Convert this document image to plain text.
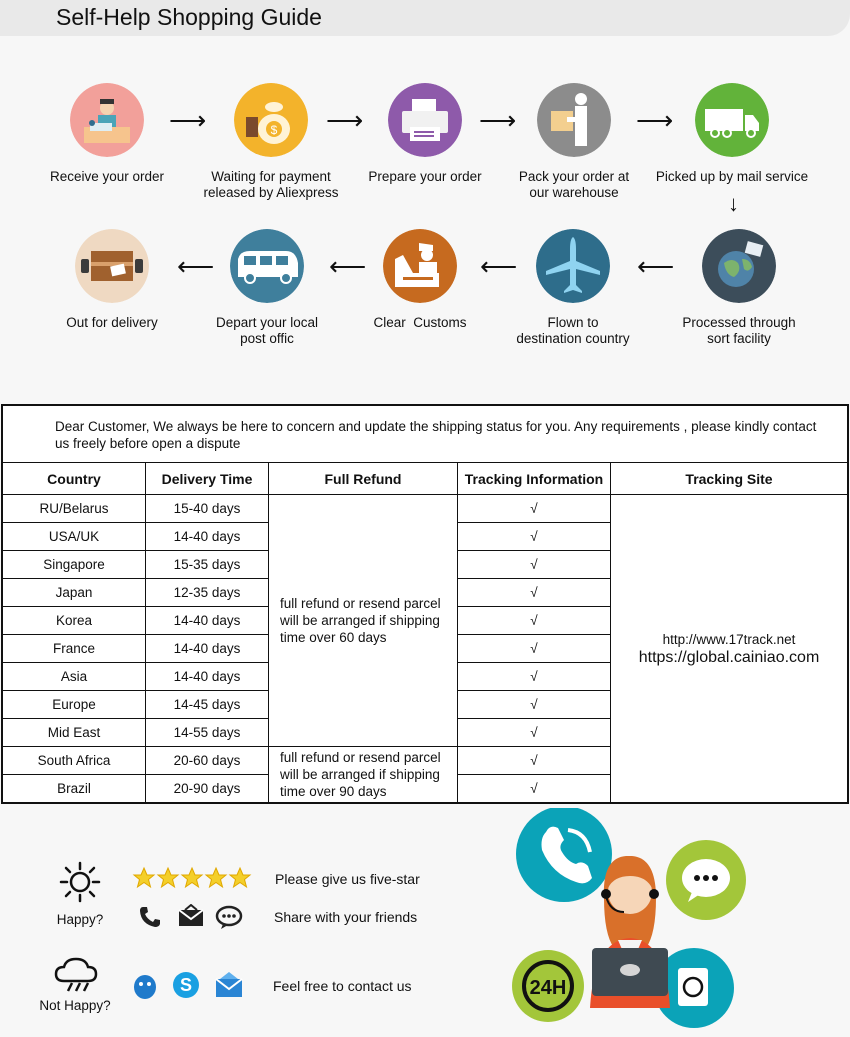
Self-Help Shopping Guide
Receive your order
⟶	$
Waiting for payment
released by Aliexpress
⟶
Prepare your order
⟶
Pack your order at
our warehouse
⟶
Picked up by mail service
↓
Out for delivery
⟵
Depart your local
post offic
⟵
Clear  Customs
⟵
Flown to
destination country
⟵
Processed through
sort facility
Dear Customer, We always be here to concern and update the shipping status for you. Any requirements , please kindly contact us freely before open a dispute				
Country	Delivery Time	Full Refund	Tracking Information	Tracking Site
RU/Belarus	15-40 days	full refund or resend parcel
will be arranged if shipping
time over 60 days	√	http://www.17track.net
https://global.cainiao.com
USA/UK	14-40 days		√	
Singapore	15-35 days		√	
Japan	12-35 days		√	
Korea	14-40 days		√	
France	14-40 days		√	
Asia	14-40 days		√	
Europe	14-45 days		√	
Mid East	14-55 days		√	
South Africa	20-60 days	full refund or resend parcel
will be arranged if shipping
time over 90 days	√	
Brazil	20-90 days		√	
Happy?
Please give us five-star
Share with your friends
Not Happy?
S	Feel free to contact us	24H
